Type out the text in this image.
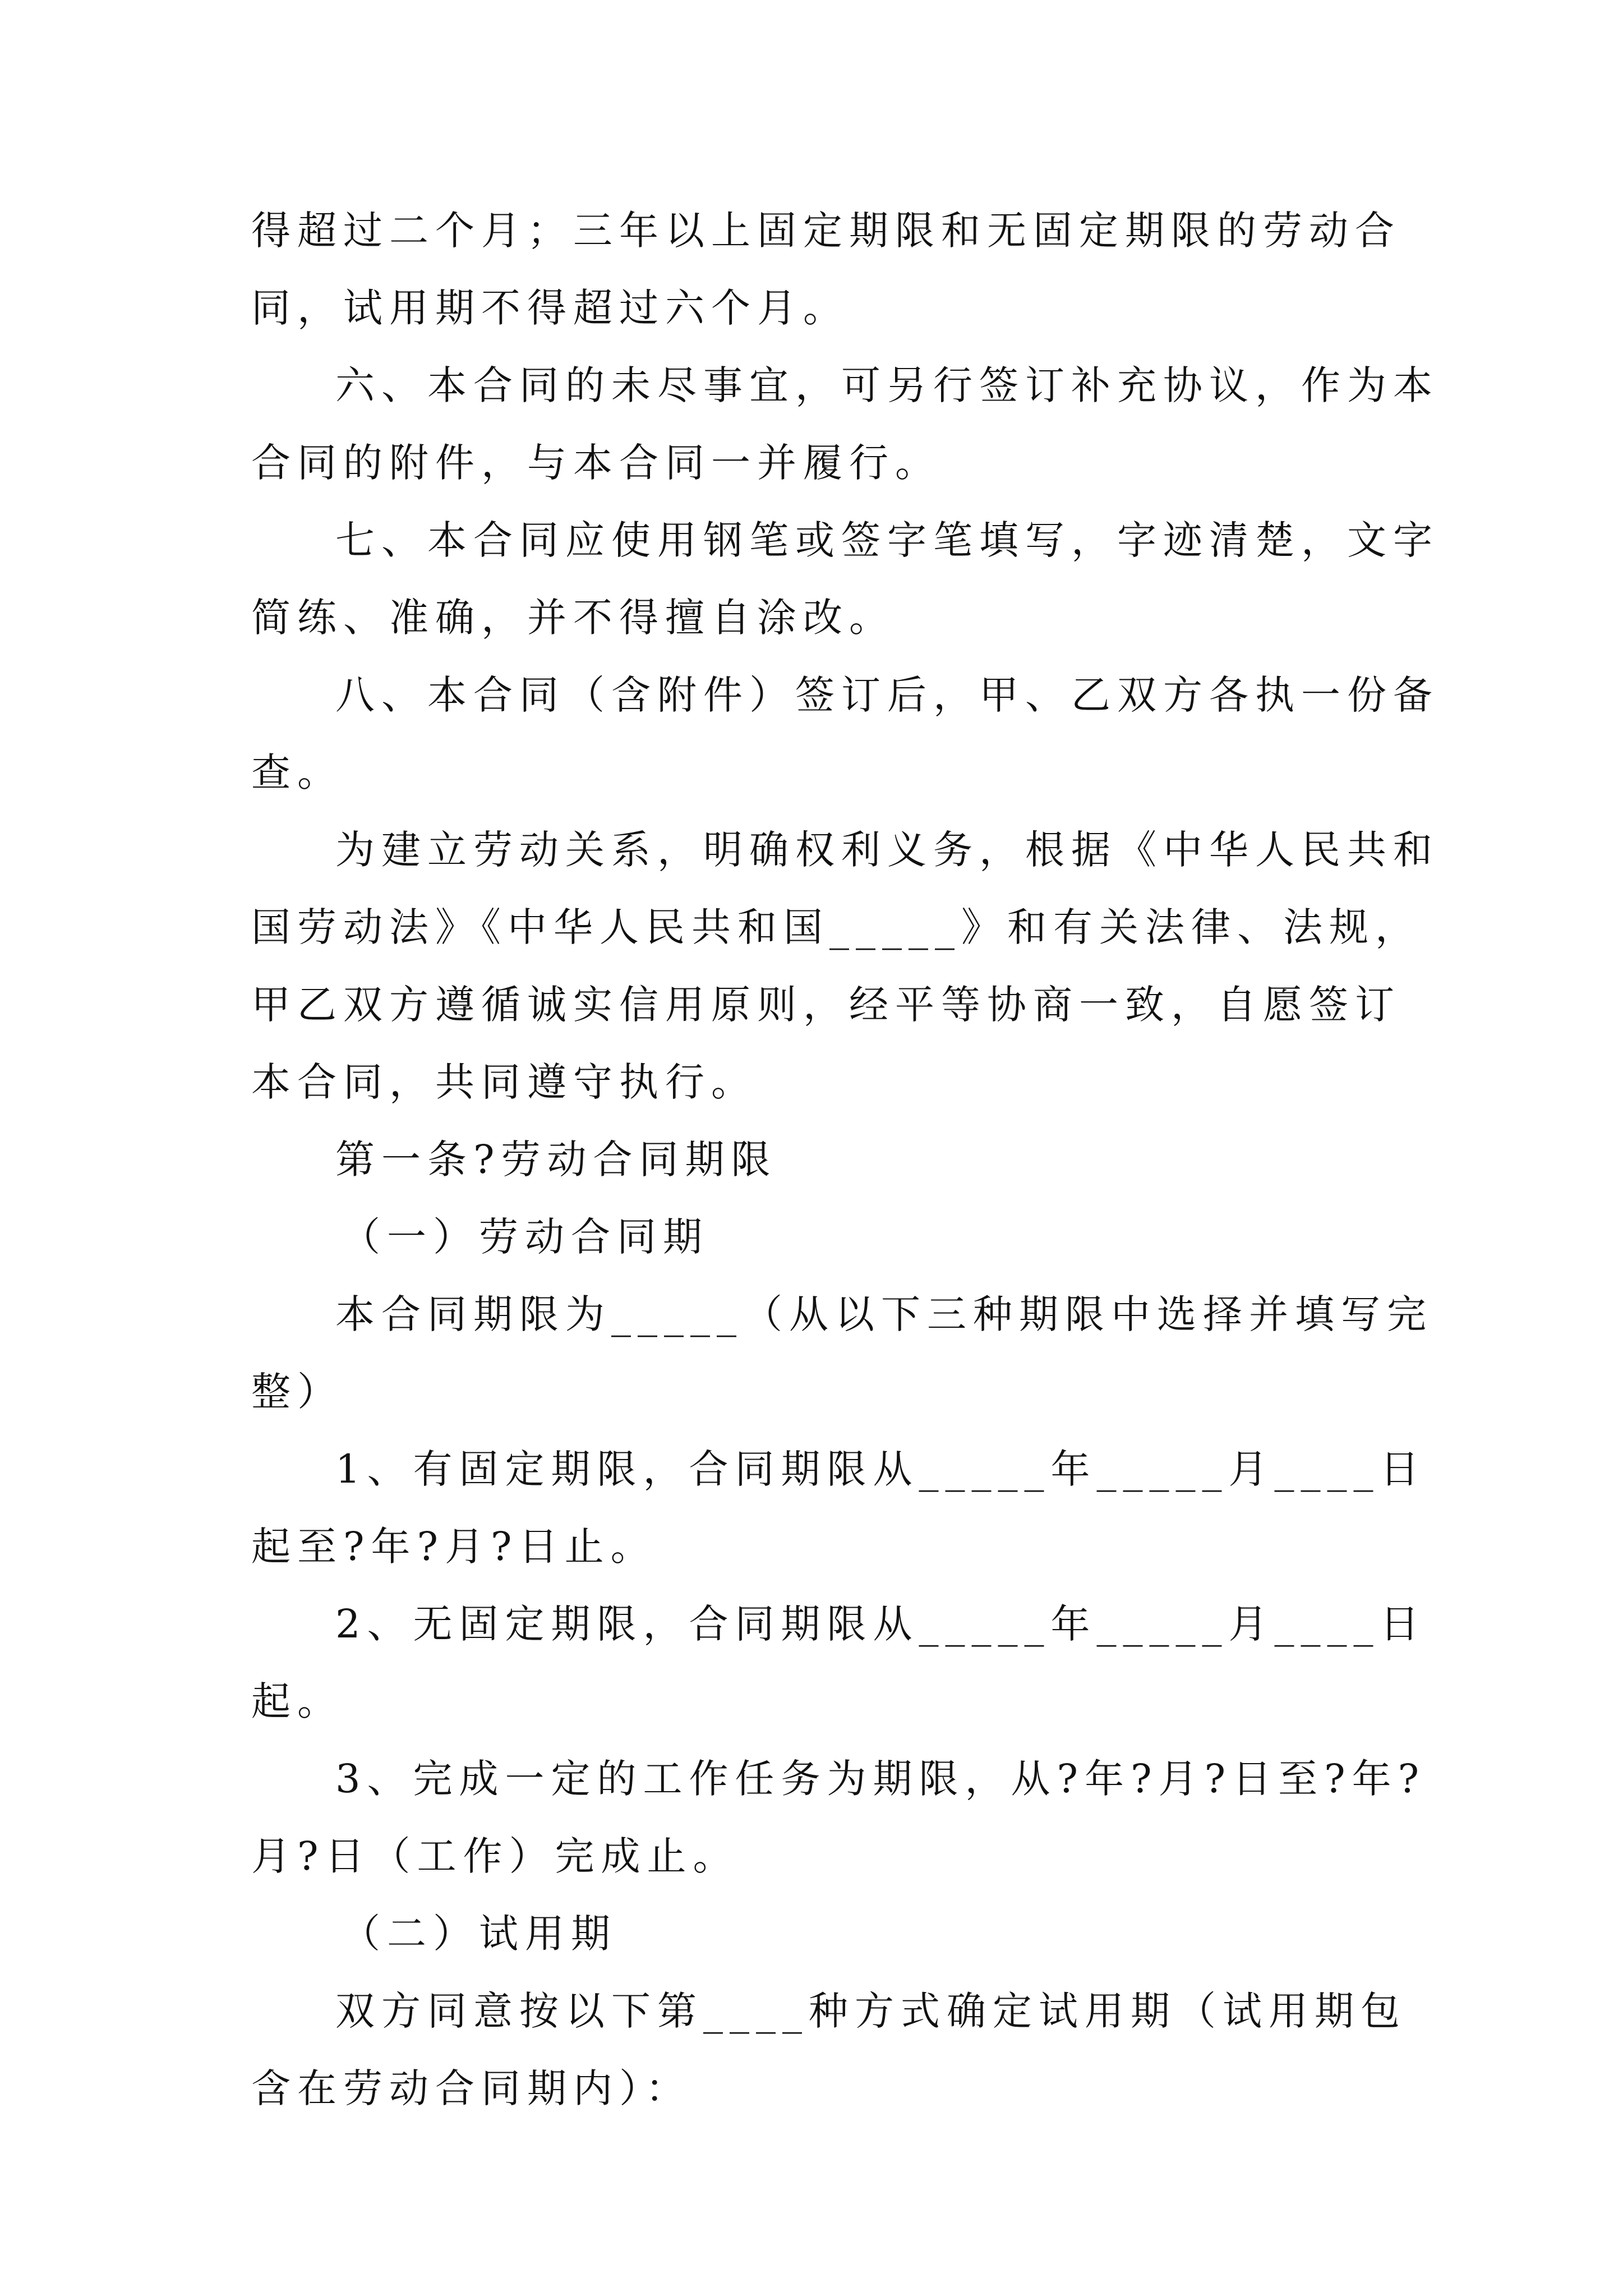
得超过二个月；三年以上固定期限和无固定期限的劳动合同，试用期不得超过六个月。

六、本合同的未尽事宜，可另行签订补充协议，作为本合同的附件，与本合同一并履行。

七、本合同应使用钢笔或签字笔填写，字迹清楚，文字简练、准确，并不得擅自涂改。

八、本合同（含附件）签订后，甲、乙双方各执一份备查。

为建立劳动关系，明确权利义务，根据《中华人民共和国劳动法》《中华人民共和国_____》和有关法律、法规，甲乙双方遵循诚实信用原则，经平等协商一致，自愿签订本合同，共同遵守执行。

第一条?劳动合同期限

（一）劳动合同期

本合同期限为_____（从以下三种期限中选择并填写完整）

1、有固定期限，合同期限从_____年_____月____日起至?年?月?日止。

2、无固定期限，合同期限从_____年_____月____日起。

3、完成一定的工作任务为期限，从?年?月?日至?年?月?日（工作）完成止。

（二）试用期

双方同意按以下第____种方式确定试用期（试用期包含在劳动合同期内）：
